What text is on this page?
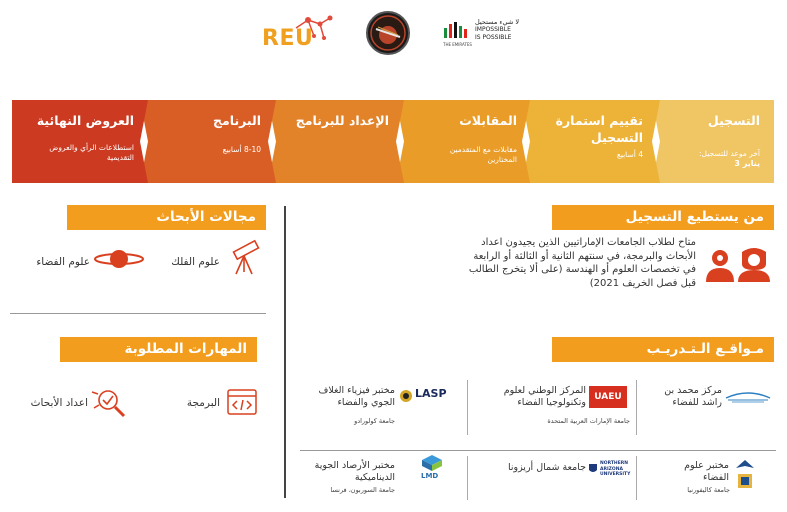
REU	THE EMIRATES
لا شيء مستحيل
IMPOSSIBLE
IS POSSIBLE
التسجيل
آخر موعد للتسجيل:
يناير 3
تقييم استمارة التسجيل
4 أسابيع
المقابلات
مقابلات مع المتقدمين المختارين
الإعداد للبرنامج
البرنامج
8-10 أسابيع
العروض النهائية
استطلاعات الرأي والعروض التقديمية
مجالات الأبحاث
علوم الفلك
علوم الفضاء
المهارات المطلوبة
البرمجة
اعداد الأبحاث
من يستطيع التسجيل
متاح لطلاب الجامعات الإماراتيين الذين يجيدون اعداد
الأبحاث والبرمجة، في سنتهم الثانية أو الثالثة أو الرابعة
في تخصصات العلوم أو الهندسة (على ألا يتخرج الطالب
قبل فصل الخريف 2021)
مـواقـع الـتـدريـب
مركز محمد بن راشد للفضاء
UAEU
المركز الوطني لعلوم وتكنولوجيا الفضاء
جامعة الإمارات العربية المتحدة
LASP
مختبر فيزياء الغلاف الجوي والفضاء
جامعة كولورادو
مختبر علوم الفضاء
جامعة كاليفورنيا
NORTHERN
ARIZONA
UNIVERSITY
جامعة شمال أريزونا
LMD
مختبر الأرصاد الجوية الديناميكية
جامعة السوربون، فرنسا
